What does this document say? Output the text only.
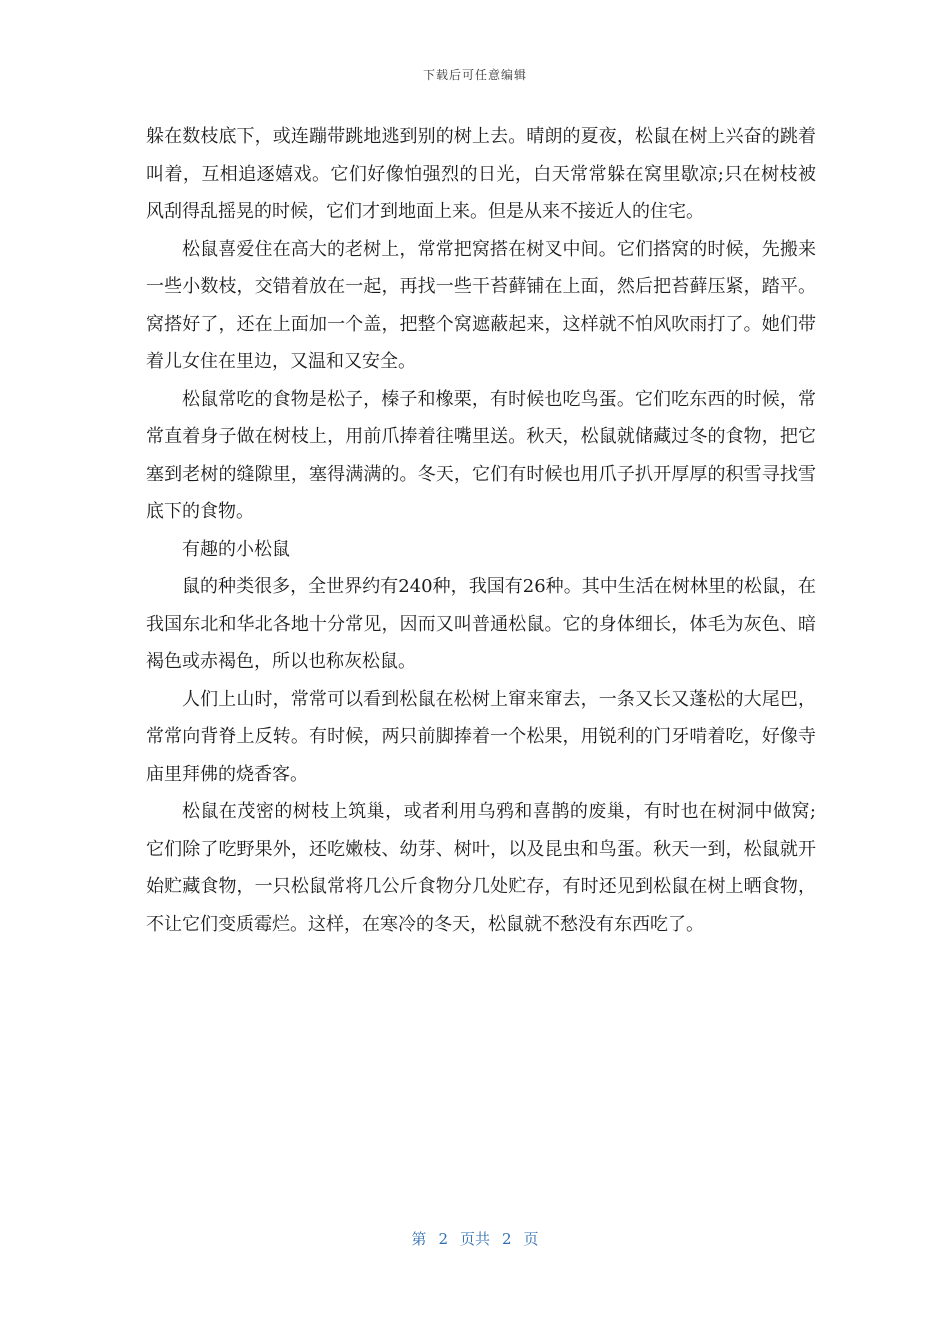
下载后可任意编辑

躲在数枝底下，或连蹦带跳地逃到别的树上去。晴朗的夏夜，松鼠在树上兴奋的跳着叫着，互相追逐嬉戏。它们好像怕强烈的日光，白天常常躲在窝里歇凉;只在树枝被风刮得乱摇晃的时候，它们才到地面上来。但是从来不接近人的住宅。

松鼠喜爱住在高大的老树上，常常把窝搭在树叉中间。它们搭窝的时候，先搬来一些小数枝，交错着放在一起，再找一些干苔藓铺在上面，然后把苔藓压紧，踏平。窝搭好了，还在上面加一个盖，把整个窝遮蔽起来，这样就不怕风吹雨打了。她们带着儿女住在里边，又温和又安全。

松鼠常吃的食物是松子，榛子和橡栗，有时候也吃鸟蛋。它们吃东西的时候，常常直着身子做在树枝上，用前爪捧着往嘴里送。秋天，松鼠就储藏过冬的食物，把它塞到老树的缝隙里，塞得满满的。冬天，它们有时候也用爪子扒开厚厚的积雪寻找雪底下的食物。

有趣的小松鼠

鼠的种类很多，全世界约有240种，我国有26种。其中生活在树林里的松鼠，在我国东北和华北各地十分常见，因而又叫普通松鼠。它的身体细长，体毛为灰色、暗褐色或赤褐色，所以也称灰松鼠。

人们上山时，常常可以看到松鼠在松树上窜来窜去，一条又长又蓬松的大尾巴，常常向背脊上反转。有时候，两只前脚捧着一个松果，用锐利的门牙啃着吃，好像寺庙里拜佛的烧香客。

松鼠在茂密的树枝上筑巢，或者利用乌鸦和喜鹊的废巢，有时也在树洞中做窝;它们除了吃野果外，还吃嫩枝、幼芽、树叶，以及昆虫和鸟蛋。秋天一到，松鼠就开始贮藏食物，一只松鼠常将几公斤食物分几处贮存，有时还见到松鼠在树上晒食物，不让它们变质霉烂。这样，在寒冷的冬天，松鼠就不愁没有东西吃了。

第 2 页共 2 页
